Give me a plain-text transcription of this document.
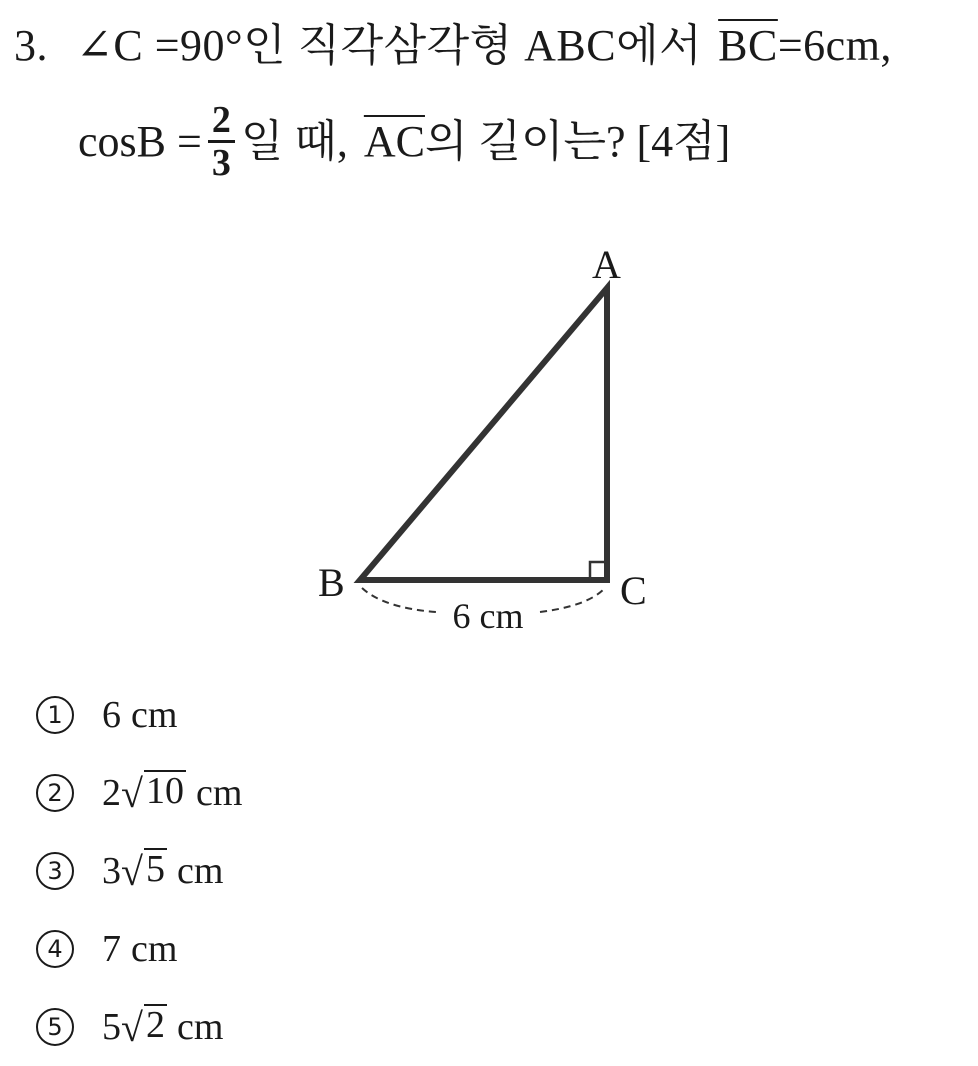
3. ∠C =90°인 직각삼각형 ABC에서 $\overline{BC}=6cm$,
$\cos B = \frac{2}{3}$ 일 때, $\overline{AC}$ 의 길이는? [4점]
A
B	C
6 cm
1 6 cm
2 2 √ 10 cm
3 3 √ 5 cm
4 7 cm
5 5 √ 2 cm
